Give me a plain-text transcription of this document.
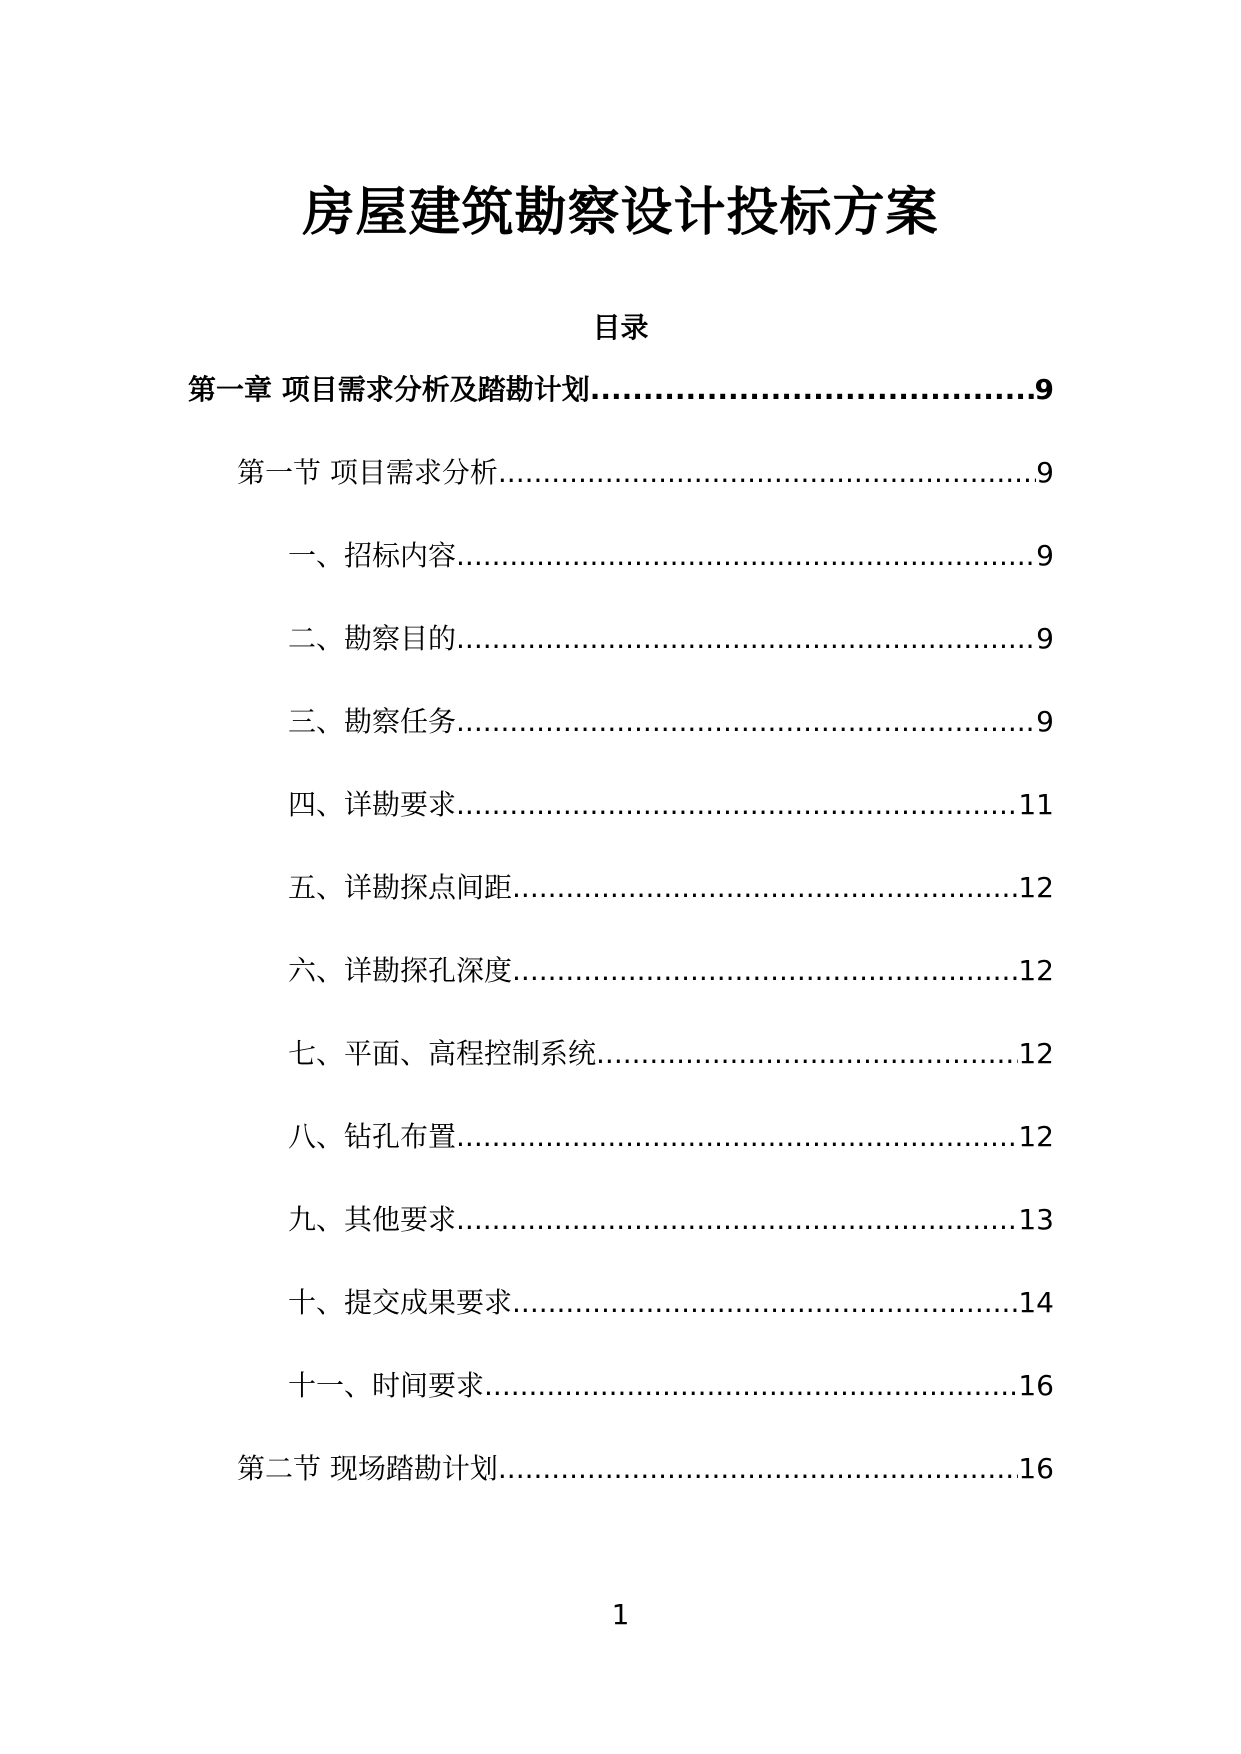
房屋建筑勘察设计投标方案
目录
第一章 项目需求分析及踏勘计划 .....	9
第一节 项目需求分析 .....	9
一、招标内容 .....	9
二、勘察目的 .....	9
三、勘察任务 .....	9
四、详勘要求 .....	11
五、详勘探点间距 .....	12
六、详勘探孔深度 .....	12
七、平面、高程控制系统 .....	12
八、钻孔布置 .....	12
九、其他要求 .....	13
十、提交成果要求 .....	14
十一、时间要求 .....	16
第二节 现场踏勘计划 .....	16
1
